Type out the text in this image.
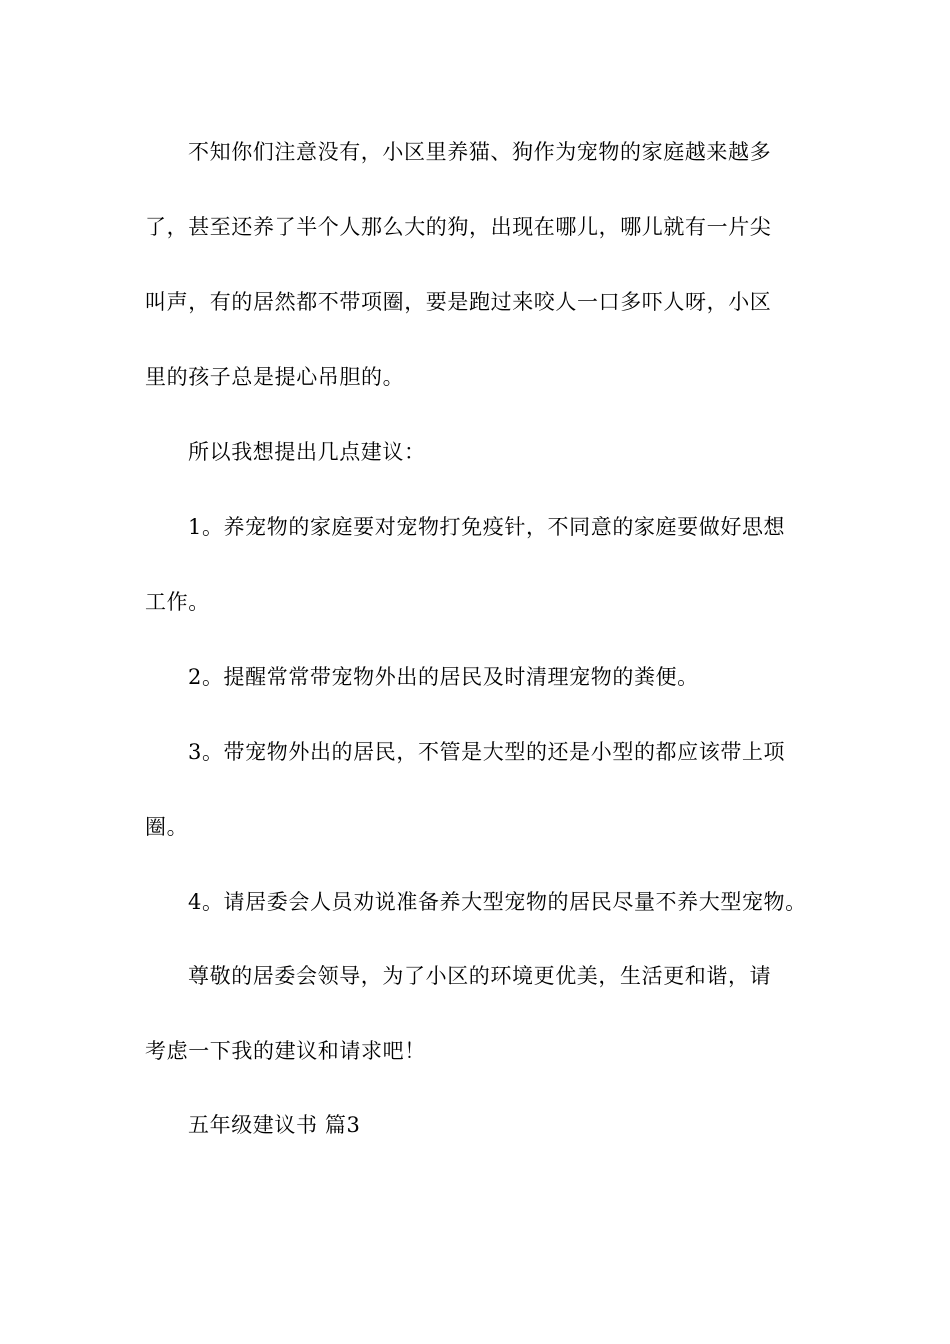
不知你们注意没有，小区里养猫、狗作为宠物的家庭越来越多
了，甚至还养了半个人那么大的狗，出现在哪儿，哪儿就有一片尖
叫声，有的居然都不带项圈，要是跑过来咬人一口多吓人呀，小区
里的孩子总是提心吊胆的。
所以我想提出几点建议：
1。养宠物的家庭要对宠物打免疫针，不同意的家庭要做好思想
工作。
2。提醒常常带宠物外出的居民及时清理宠物的粪便。
3。带宠物外出的居民，不管是大型的还是小型的都应该带上项
圈。
4。请居委会人员劝说准备养大型宠物的居民尽量不养大型宠物。
尊敬的居委会领导，为了小区的环境更优美，生活更和谐，请
考虑一下我的建议和请求吧！
五年级建议书 篇3
